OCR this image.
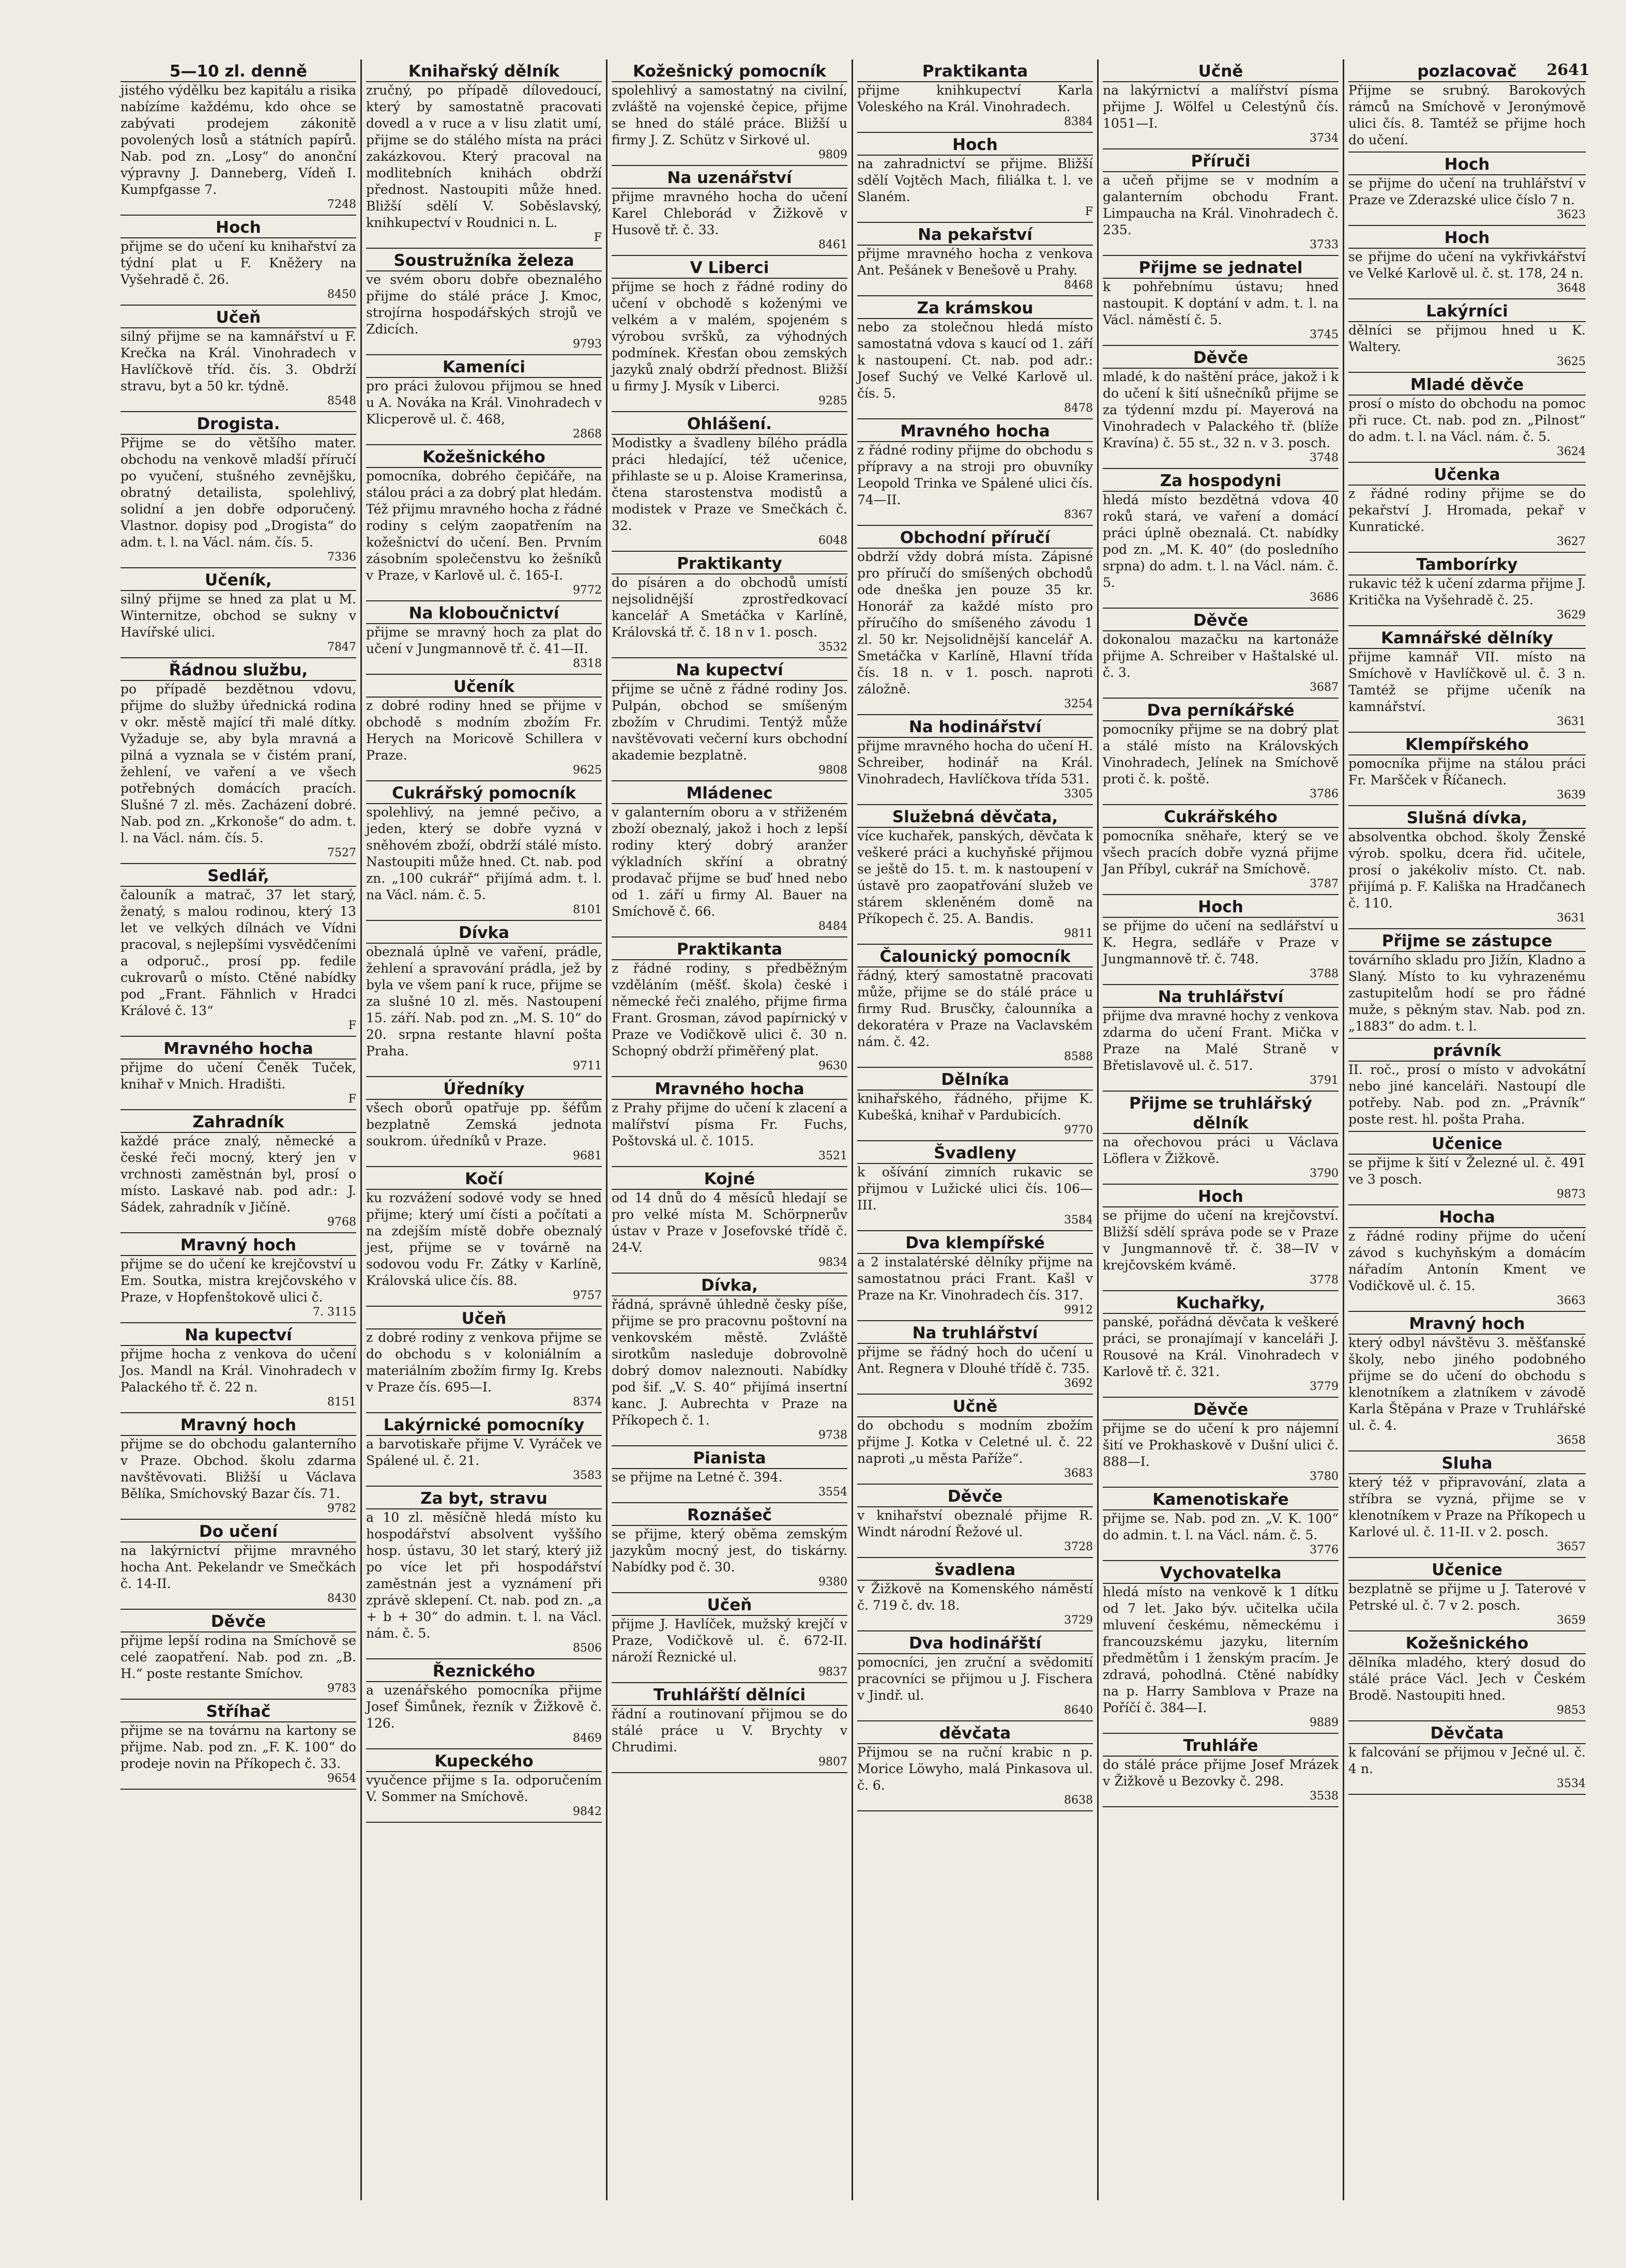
2641
5—10 zl. denně

jistého výdělku bez kapitálu a risika nabízíme každému, kdo ohce se zabývati prodejem zákonitě povolených losů a státních papírů. Nab. pod zn. „Losy“ do anonční výpravny J. Danneberg, Vídeň I. Kumpfgasse 7.

7248
Hoch

přijme se do učení ku knihařství za týdní plat u F. Kněžery na Vyšehradě č. 26.

8450
Učeň

silný přijme se na kamnářství u F. Krečka na Král. Vinohradech v Havlíčkově tříd. čís. 3. Obdrží stravu, byt a 50 kr. týdně.

8548
Drogista.

Přijme se do většího mater. obchodu na venkově mladší příručí po vyučení, stušného zevnějšku, obratný detailista, spolehlivý, solidní a jen dobře odporučený. Vlastnor. dopisy pod „Drogista“ do adm. t. l. na Václ. nám. čís. 5.

7336
Učeník,

silný přijme se hned za plat u M. Winternitze, obchod se sukny v Havířské ulici.

7847
Řádnou službu,

po případě bezdětnou vdovu, přijme do služby úřednická rodina v okr. městě mající tři malé dítky. Vyžaduje se, aby byla mravná a pilná a vyznala se v čistém praní, žehlení, ve vaření a ve všech potřebných domácích pracích. Slušné 7 zl. měs. Zacházení dobré. Nab. pod zn. „Krkonoše“ do adm. t. l. na Václ. nám. čís. 5.

7527
Sedlář,

čalouník a matrač, 37 let starý, ženatý, s malou rodinou, který 13 let ve velkých dílnách ve Vídni pracoval, s nejlepšími vysvědčeními a odporuč., prosí pp. fedile cukrovarů o místo. Ctěné nabídky pod „Frant. Fähnlich v Hradci Králové č. 13“

F
Mravného hocha

přijme do učení Čeněk Tuček, knihař v Mnich. Hradišti.

F
Zahradník

každé práce znalý, německé a české řeči mocný, který jen v vrchnosti zaměstnán byl, prosí o místo. Laskavé nab. pod adr.: J. Sádek, zahradník v Jičíně.

9768
Mravný hoch

přijme se do učení ke krejčovství u Em. Soutka, mistra krejčovského v Praze, v Hopfenštokově ulici č.

7. 3115
Na kupectví

přijme hocha z venkova do učení Jos. Mandl na Král. Vinohradech v Palackého tř. č. 22 n.

8151
Mravný hoch

přijme se do obchodu galanterního v Praze. Obchod. školu zdarma navštěvovati. Bližší u Václava Bělíka, Smíchovský Bazar čís. 71.

9782
Do učení

na lakýrnictví přijme mravného hocha Ant. Pekelandr ve Smečkách č. 14-II.

8430
Děvče

přijme lepší rodina na Smíchově se celé zaopatření. Nab. pod zn. „B. H.“ poste restante Smíchov.

9783
Stříhač

přijme se na továrnu na kartony se přijme. Nab. pod zn. „F. K. 100“ do prodeje novin na Příkopech č. 33.

9654
Knihařský dělník

zručný, po případě dílovedoucí, který by samostatně pracovati dovedl a v ruce a v lisu zlatit umí, přijme se do stálého místa na práci zakázkovou. Který pracoval na modlitebních knihách obdrží přednost. Nastoupiti může hned. Bližší sdělí V. Soběslavský, knihkupectví v Roudnici n. L.

F
Soustružníka železa

ve svém oboru dobře obeznalého přijme do stálé práce J. Kmoc, strojírna hospodářských strojů ve Zdicích.

9793
Kameníci

pro práci žulovou přijmou se hned u A. Nováka na Král. Vinohradech v Klicperově ul. č. 468,

2868
Kožešnického

pomocníka, dobrého čepičáře, na stálou práci a za dobrý plat hledám. Též přijmu mravného hocha z řádné rodiny s celým zaopatřením na kožešnictví do učení. Ben. Prvním zásobním společenstvu ko žešníků v Praze, v Karlově ul. č. 165-I.

9772
Na kloboučnictví

přijme se mravný hoch za plat do učení v Jungmannově tř. č. 41—II.

8318
Učeník

z dobré rodiny hned se přijme v obchodě s modním zbožím Fr. Herych na Moricově Schillera v Praze.

9625
Cukrářský pomocník

spolehlivý, na jemné pečivo, a jeden, který se dobře vyzná v sněhovém zboží, obdrží stálé místo. Nastoupiti může hned. Ct. nab. pod zn. „100 cukrář“ přijímá adm. t. l. na Václ. nám. č. 5.

8101
Dívka

obeznalá úplně ve vaření, prádle, žehlení a spravování prádla, jež by byla ve všem paní k ruce, přijme se za slušné 10 zl. měs. Nastoupení 15. září. Nab. pod zn. „M. S. 10“ do 20. srpna restante hlavní pošta Praha.

9711
Úředníky

všech oborů opatřuje pp. šéfům bezplatně Zemská jednota soukrom. úředníků v Praze.

9681
Kočí

ku rozvážení sodové vody se hned přijme; který umí čísti a počítati a na zdejším místě dobře obeznalý jest, přijme se v továrně na sodovou vodu Fr. Zátky v Karlíně, Královská ulice čís. 88.

9757
Učeň

z dobré rodiny z venkova přijme se do obchodu s v koloniálním a materiálním zbožím firmy Ig. Krebs v Praze čís. 695—I.

8374
Lakýrnické pomocníky

a barvotiskaře přijme V. Vyráček ve Spálené ul. č. 21.

3583
Za byt, stravu

a 10 zl. měsíčně hledá místo ku hospodářství absolvent vyššího hosp. ústavu, 30 let starý, který již po více let při hospodářství zaměstnán jest a vyznámení při zprávě sklepení. Ct. nab. pod zn. „a + b + 30“ do admin. t. l. na Václ. nám. č. 5.

8506
Řeznického

a uzenářského pomocníka přijme Josef Šimůnek, řezník v Žižkově č. 126.

8469
Kupeckého

vyučence přijme s Ia. odporučením V. Sommer na Smíchově.

9842
Kožešnický pomocník

spolehlivý a samostatný na civilní, zvláště na vojenské čepice, přijme se hned do stálé práce. Bližší u firmy J. Z. Schütz v Sirkové ul.

9809
Na uzenářství

přijme mravného hocha do učení Karel Chleborád v Žižkově v Husově tř. č. 33.

8461
V Liberci

přijme se hoch z řádné rodiny do učení v obchodě s koženými ve velkém a v malém, spojeném s výrobou svršků, za výhodných podmínek. Křesťan obou zemských jazyků znalý obdrží přednost. Bližší u firmy J. Mysík v Liberci.

9285
Ohlášení.

Modistky a švadleny bílého prádla práci hledající, též učenice, přihlaste se u p. Aloise Kramerinsa, čtena starostenstva modistů a modistek v Praze ve Smečkách č. 32.

6048
Praktikanty

do písáren a do obchodů umístí nejsolidnější zprostředkovací kancelář A Smetáčka v Karlíně, Královská tř. č. 18 n v 1. posch.

3532
Na kupectví

přijme se učně z řádné rodiny Jos. Pulpán, obchod se smíšeným zbožím v Chrudimi. Tentýž může navštěvovati večerní kurs obchodní akademie bezplatně.

9808
Mládenec

v galanterním oboru a v střiženém zboží obeznalý, jakož i hoch z lepší rodiny který dobrý aranžer výkladních skříní a obratný prodavač přijme se buď hned nebo od 1. září u firmy Al. Bauer na Smíchově č. 66.

8484
Praktikanta

z řádné rodiny, s předběžným vzděláním (měšť. škola) české i německé řeči znalého, přijme firma Frant. Grosman, závod papírnický v Praze ve Vodičkově ulici č. 30 n. Schopný obdrží přiměřený plat.

9630
Mravného hocha

z Prahy přijme do učení k zlacení a malířství písma Fr. Fuchs, Poštovská ul. č. 1015.

3521
Kojné

od 14 dnů do 4 měsíců hledají se pro velké místa M. Schörpnerův ústav v Praze v Josefovské třídě č. 24-V.

9834
Dívka,

řádná, správně úhledně česky píše, přijme se pro pracovnu poštovní na venkovském městě. Zvláště sirotkům nasleduje dobrovolně dobrý domov naleznouti. Nabídky pod šif. „V. S. 40“ přijímá insertní kanc. J. Aubrechta v Praze na Příkopech č. 1.

9738
Pianista

se přijme na Letné č. 394.

3554
Roznášeč

se přijme, který oběma zemským jazykům mocný jest, do tiskárny. Nabídky pod č. 30.

9380
Učeň

přijme J. Havlíček, mužský krejčí v Praze, Vodičkově ul. č. 672-II. nároží Řeznické ul.

9837
Truhlářští dělníci

řádní a routinovaní přijmou se do stálé práce u V. Brychty v Chrudimi.

9807
Praktikanta

přijme knihkupectví Karla Voleského na Král. Vinohradech.

8384
Hoch

na zahradnictví se přijme. Bližší sdělí Vojtěch Mach, filiálka t. l. ve Slaném.

F
Na pekařství

přijme mravného hocha z venkova Ant. Pešánek v Benešově u Prahy.

8468
Za krámskou

nebo za stolečnou hledá místo samostatná vdova s kaucí od 1. září k nastoupení. Ct. nab. pod adr.: Josef Suchý ve Velké Karlově ul. čís. 5.

8478
Mravného hocha

z řádné rodiny přijme do obchodu s přípravy a na stroji pro obuvníky Leopold Trinka ve Spálené ulici čís. 74—II.

8367
Obchodní příručí

obdrží vždy dobrá místa. Zápisné pro příručí do smíšených obchodů ode dneška jen pouze 35 kr. Honorář za každé místo pro příručího do smíšeného závodu 1 zl. 50 kr. Nejsolidnější kancelář A. Smetáčka v Karlíně, Hlavní třída čís. 18 n. v 1. posch. naproti záložně.

3254
Na hodinářství

přijme mravného hocha do učení H. Schreiber, hodinář na Král. Vinohradech, Havlíčkova třída 531.

3305
Služebná děvčata,

více kuchařek, panských, děvčata k veškeré práci a kuchyňské přijmou se ještě do 15. t. m. k nastoupení v ústavě pro zaopatřování služeb ve stárem skleněném domě na Příkopech č. 25. A. Bandis.

9811
Čalounický pomocník

řádný, který samostatně pracovati může, přijme se do stálé práce u firmy Rud. Brusčky, čalounníka a dekoratéra v Praze na Vaclavském nám. č. 42.

8588
Dělníka

knihařského, řádného, přijme K. Kubešká, knihař v Pardubicích.

9770
Švadleny

k ošívání zimních rukavic se přijmou v Lužické ulici čís. 106—III.

3584
Dva klempířské

a 2 instalatérské dělníky přijme na samostatnou práci Frant. Kašl v Praze na Kr. Vinohradech čís. 317.

9912
Na truhlářství

přijme se řádný hoch do učení u Ant. Regnera v Dlouhé třídě č. 735.

3692
Učně

do obchodu s modním zbožím přijme J. Kotka v Celetné ul. č. 22 naproti „u města Paříže“.

3683
Děvče

v knihařství obeznalé přijme R. Windt národní Řežové ul.

3728
švadlena

v Žižkově na Komenského náměstí č. 719 č. dv. 18.

3729
Dva hodinářští

pomocníci, jen zruční a svědomití pracovníci se přijmou u J. Fischera v Jindř. ul.

8640
děvčata

Přijmou se na ruční krabic n p. Morice Löwyho, malá Pinkasova ul. č. 6.

8638
Učně

na lakýrnictví a malířství písma přijme J. Wölfel u Celestýnů čís. 1051—I.

3734
Příruči

a učeň přijme se v modním a galanterním obchodu Frant. Limpaucha na Král. Vinohradech č. 235.

3733
Přijme se jednatel

k pohřebnímu ústavu; hned nastoupit. K doptání v adm. t. l. na Václ. náměstí č. 5.

3745
Děvče

mladé, k do naštění práce, jakož i k do učení k šití ušnečníků přijme se za týdenní mzdu pí. Mayerová na Vinohradech v Palackého tř. (blíže Kravína) č. 55 st., 32 n. v 3. posch.

3748
Za hospodyni

hledá místo bezdětná vdova 40 roků stará, ve vaření a domácí práci úplně obeznalá. Ct. nabídky pod zn. „M. K. 40“ (do posledního srpna) do adm. t. l. na Václ. nám. č. 5.

3686
Děvče

dokonalou mazačku na kartonáže přijme A. Schreiber v Haštalské ul. č. 3.

3687
Dva perníkářské

pomocníky přijme se na dobrý plat a stálé místo na Královských Vinohradech, Jelínek na Smíchově proti č. k. poště.

3786
Cukrářského

pomocníka sněhaře, který se ve všech pracích dobře vyzná přijme Jan Příbyl, cukrář na Smíchově.

3787
Hoch

se přijme do učení na sedlářství u K. Hegra, sedláře v Praze v Jungmannově tř. č. 748.

3788
Na truhlářství

přijme dva mravné hochy z venkova zdarma do učení Frant. Mička v Praze na Malé Straně v Břetislavově ul. č. 517.

3791
Přijme se truhlářský dělník

na ořechovou práci u Václava Löflera v Žižkově.

3790
Hoch

se přijme do učení na krejčovství. Bližší sdělí správa pode se v Praze v Jungmannově tř. č. 38—IV v krejčovském kvámě.

3778
Kuchařky,

panské, pořádná děvčata k veškeré práci, se pronajímají v kanceláři J. Rousové na Král. Vinohradech v Karlově tř. č. 321.

3779
Děvče

přijme se do učení k pro nájemní šití ve Prokhaskově v Dušní ulici č. 888—I.

3780
Kamenotiskaře

přijme se. Nab. pod zn. „V. K. 100“ do admin. t. l. na Václ. nám. č. 5.

3776
Vychovatelka

hledá místo na venkově k 1 dítku od 7 let. Jako býv. učitelka učila mluvení českému, německému i francouzskému jazyku, literním předmětům i 1 ženským pracím. Je zdravá, pohodlná. Ctěné nabídky na p. Harry Samblova v Praze na Poříčí č. 384—I.

9889
Truhláře

do stálé práce přijme Josef Mrázek v Žižkově u Bezovky č. 298.

3538
pozlacovač

Přijme se srubný. Barokových rámců na Smíchově v Jeronýmově ulici čís. 8. Tamtéž se přijme hoch do učení.

Hoch

se přijme do učení na truhlářství v Praze ve Zderazské ulice číslo 7 n.

3623
Hoch

se přijme do učení na vykřivkářství ve Velké Karlově ul. č. st. 178, 24 n.

3648
Lakýrníci

dělníci se přijmou hned u K. Waltery.

3625
Mladé děvče

prosí o místo do obchodu na pomoc při ruce. Ct. nab. pod zn. „Pilnost“ do adm. t. l. na Václ. nám. č. 5.

3624
Učenka

z řádné rodiny přijme se do pekařství J. Hromada, pekař v Kunratické.

3627
Tamborírky

rukavic též k učení zdarma přijme J. Kritička na Vyšehradě č. 25.

3629
Kamnářské dělníky

přijme kamnář VII. místo na Smíchově v Havlíčkově ul. č. 3 n. Tamtéž se přijme učeník na kamnářství.

3631
Klempířského

pomocníka přijme na stálou práci Fr. Maršček v Říčanech.

3639
Slušná dívka,

absolventka obchod. školy Ženské výrob. spolku, dcera řid. učitele, prosí o jakékoliv místo. Ct. nab. přijímá p. F. Kališka na Hradčanech č. 110.

3631
Přijme se zástupce

továrního skladu pro Jižín, Kladno a Slaný. Místo to ku vyhrazenému zastupitelům hodí se pro řádné muže, s pěkným stav. Nab. pod zn. „1883“ do adm. t. l.

právník

II. roč., prosí o místo v advokátní nebo jiné kanceláři. Nastoupí dle potřeby. Nab. pod zn. „Právník“ poste rest. hl. pošta Praha.

Učenice

se přijme k šití v Železné ul. č. 491 ve 3 posch.

9873
Hocha

z řádné rodiny přijme do učení závod s kuchyňským a domácím nářadím Antonín Kment ve Vodičkově ul. č. 15.

3663
Mravný hoch

který odbyl návštěvu 3. měšťanské školy, nebo jiného podobného přijme se do učení do obchodu s klenotníkem a zlatníkem v závodě Karla Štěpána v Praze v Truhlářské ul. č. 4.

3658
Sluha

který též v připravování, zlata a stříbra se vyzná, přijme se v klenotníkem v Praze na Příkopech u Karlové ul. č. 11-II. v 2. posch.

3657
Učenice

bezplatně se přijme u J. Taterové v Petrské ul. č. 7 v 2. posch.

3659
Kožešnického

dělníka mladého, který dosud do stálé práce Václ. Jech v Českém Brodě. Nastoupiti hned.

9853
Děvčata

k falcování se přijmou v Ječné ul. č. 4 n.

3534
